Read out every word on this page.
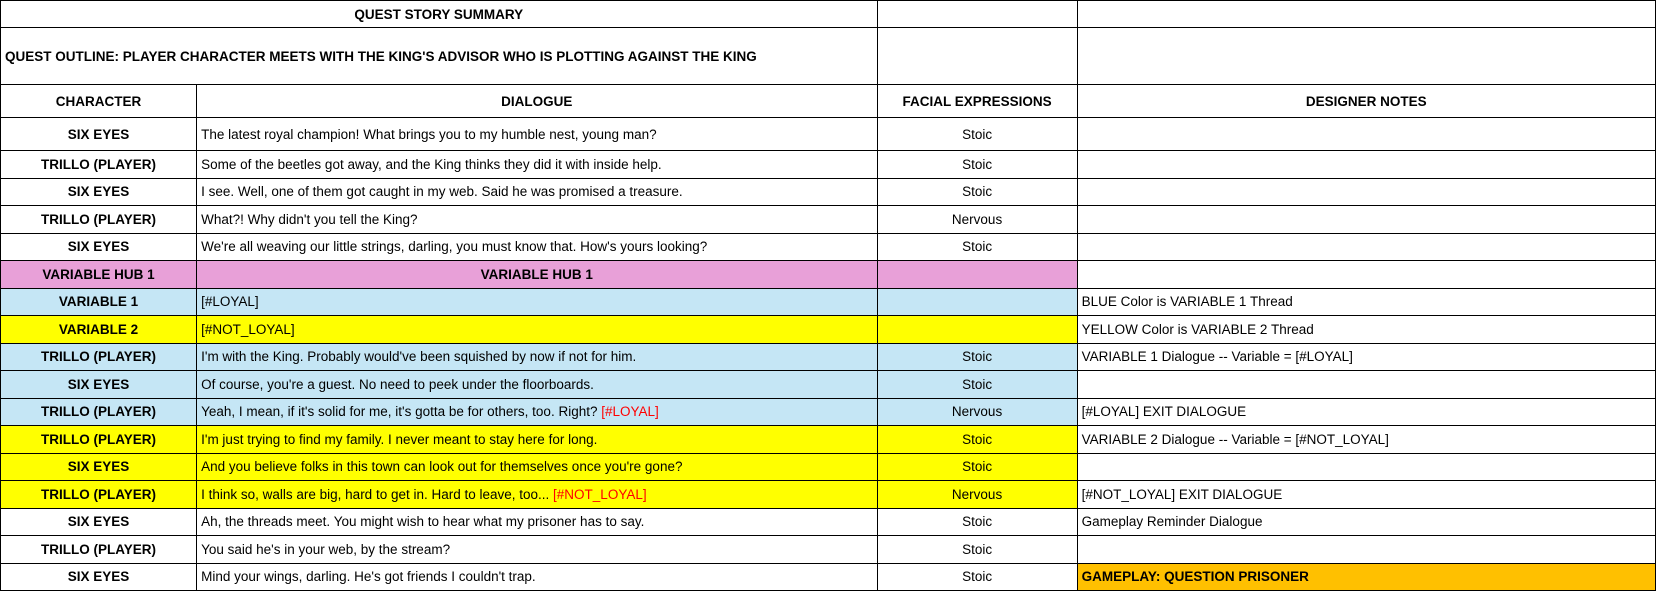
QUEST STORY SUMMARY			
QUEST OUTLINE: PLAYER CHARACTER MEETS WITH THE KING'S ADVISOR WHO IS PLOTTING AGAINST THE KING			
CHARACTER	DIALOGUE	FACIAL EXPRESSIONS	DESIGNER NOTES
SIX EYES	The latest royal champion! What brings you to my humble nest, young man?	Stoic	
TRILLO (PLAYER)	Some of the beetles got away, and the King thinks they did it with inside help.	Stoic	
SIX EYES	I see. Well, one of them got caught in my web. Said he was promised a treasure.	Stoic	
TRILLO (PLAYER)	What?! Why didn't you tell the King?	Nervous	
SIX EYES	We're all weaving our little strings, darling, you must know that. How's yours looking?	Stoic	
VARIABLE HUB 1	VARIABLE HUB 1		
VARIABLE 1	[#LOYAL]		BLUE Color is VARIABLE 1 Thread
VARIABLE 2	[#NOT_LOYAL]		YELLOW Color is VARIABLE 2 Thread
TRILLO (PLAYER)	I'm with the King. Probably would've been squished by now if not for him.	Stoic	VARIABLE 1 Dialogue -- Variable = [#LOYAL]
SIX EYES	Of course, you're a guest. No need to peek under the floorboards.	Stoic	
TRILLO (PLAYER)	Yeah, I mean, if it's solid for me, it's gotta be for others, too. Right? [#LOYAL]	Nervous	[#LOYAL] EXIT DIALOGUE
TRILLO (PLAYER)	I'm just trying to find my family. I never meant to stay here for long.	Stoic	VARIABLE 2 Dialogue -- Variable = [#NOT_LOYAL]
SIX EYES	And you believe folks in this town can look out for themselves once you're gone?	Stoic	
TRILLO (PLAYER)	I think so, walls are big, hard to get in. Hard to leave, too... [#NOT_LOYAL]	Nervous	[#NOT_LOYAL] EXIT DIALOGUE
SIX EYES	Ah, the threads meet. You might wish to hear what my prisoner has to say.	Stoic	Gameplay Reminder Dialogue
TRILLO (PLAYER)	You said he's in your web, by the stream?	Stoic	
SIX EYES	Mind your wings, darling. He's got friends I couldn't trap.	Stoic	GAMEPLAY: QUESTION PRISONER
